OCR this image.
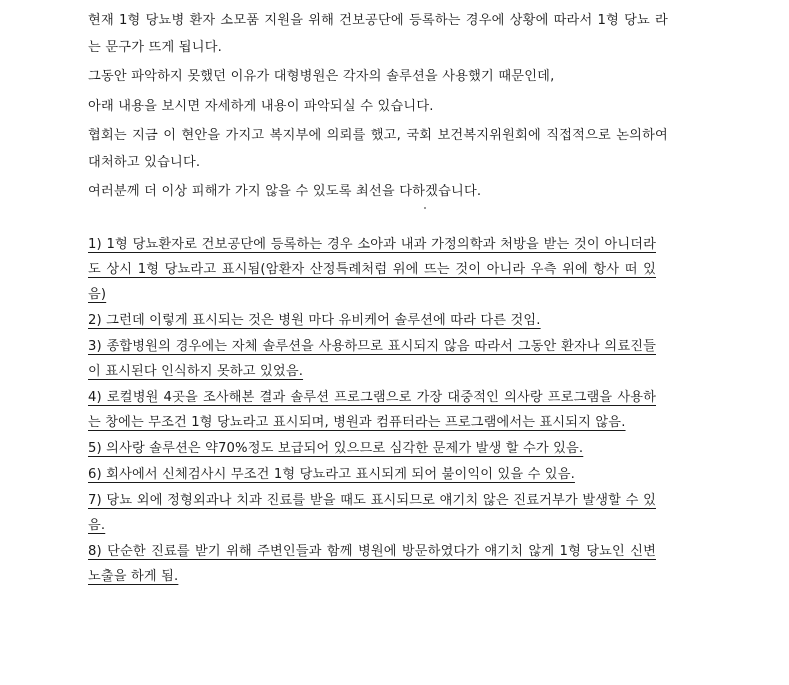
현재 1형 당뇨병 환자 소모품 지원을 위해 건보공단에 등록하는 경우에 상황에 따라서 1형 당뇨 라는 문구가 뜨게 됩니다.

그동안 파악하지 못했던 이유가 대형병원은 각자의 솔루션을 사용했기 때문인데,

아래 내용을 보시면 자세하게 내용이 파악되실 수 있습니다.

협회는 지금 이 현안을 가지고 복지부에 의뢰를 했고, 국회 보건복지위원회에 직접적으로 논의하여 대처하고 있습니다.

여러분께 더 이상 피해가 가지 않을 수 있도록 최선을 다하겠습니다.

1) 1형 당뇨환자로 건보공단에 등록하는 경우 소아과 내과 가정의학과 처방을 받는 것이 아니더라도 상시 1형 당뇨라고 표시됨(암환자 산정특례처럼 위에 뜨는 것이 아니라 우측 위에 항사 떠 있음)
2) 그런데 이렇게 표시되는 것은 병원 마다 유비케어 솔루션에 따라 다른 것임.
3) 종합병원의 경우에는 자체 솔루션을 사용하므로 표시되지 않음 따라서 그동안 환자나 의료진들이 표시된다 인식하지 못하고 있었음.
4) 로컬병원 4곳을 조사해본 결과 솔루션 프로그램으로 가장 대중적인 의사랑 프로그램을 사용하는 창에는 무조건 1형 당뇨라고 표시되며, 병원과 컴퓨터라는 프로그램에서는 표시되지 않음.
5) 의사랑 솔루션은 약70%정도 보급되어 있으므로 심각한 문제가 발생 할 수가 있음.
6) 회사에서 신체검사시 무조건 1형 당뇨라고 표시되게 되어 불이익이 있을 수 있음.
7) 당뇨 외에 정형외과나 치과 진료를 받을 때도 표시되므로 얘기치 않은 진료거부가 발생할 수 있음.
8) 단순한 진료를 받기 위해 주변인들과 함께 병원에 방문하였다가 얘기치 않게 1형 당뇨인 신변노출을 하게 됨.
